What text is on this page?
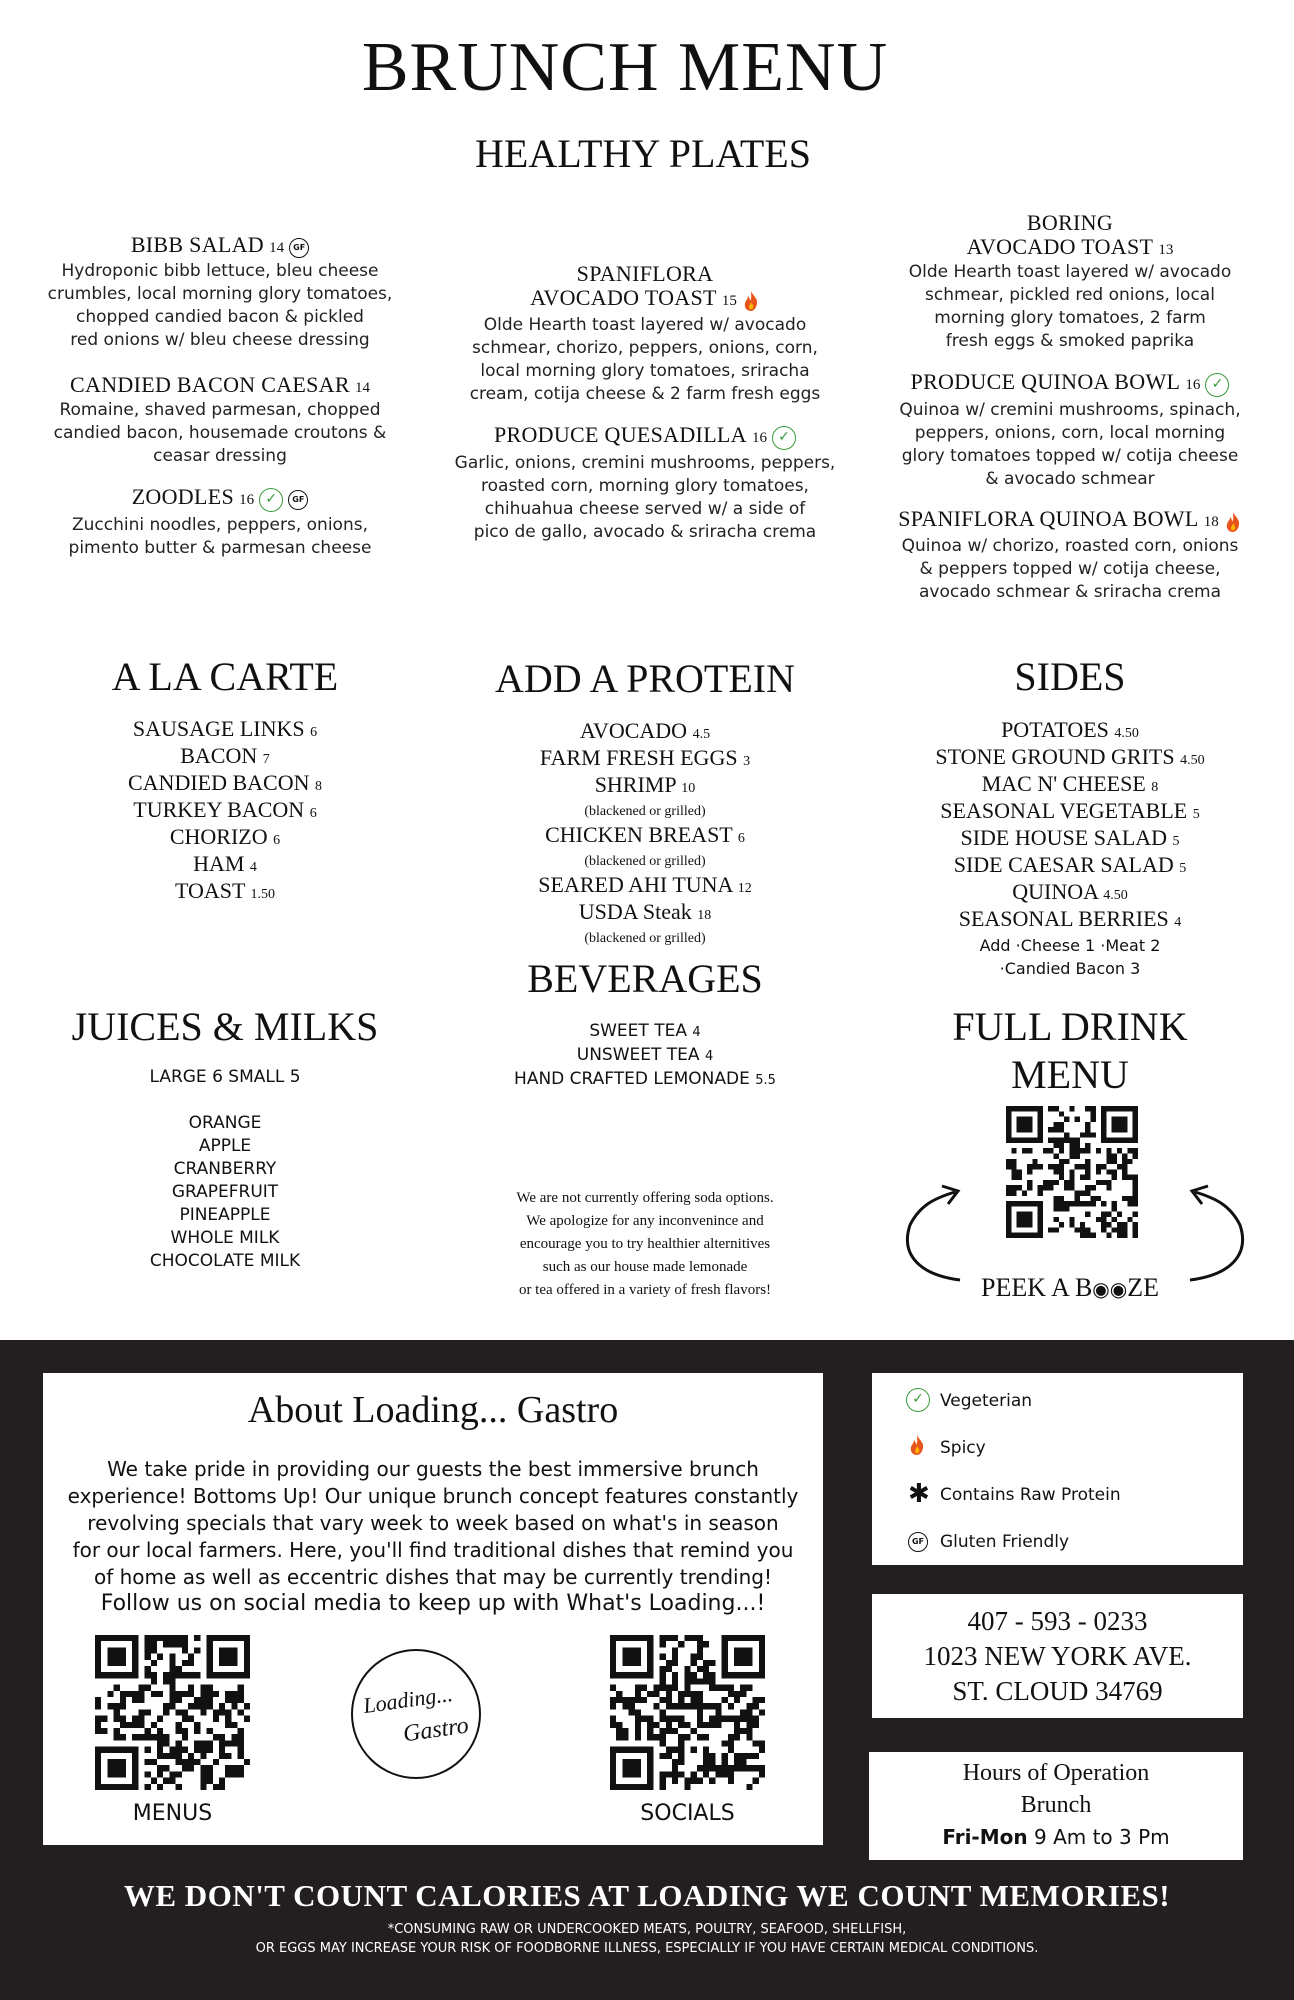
BRUNCH MENU
HEALTHY PLATES
BIBB SALAD 14 GF
Hydroponic bibb lettuce, bleu cheese
crumbles, local morning glory tomatoes,
chopped candied bacon & pickled
red onions w/ bleu cheese dressing
CANDIED BACON CAESAR 14
Romaine, shaved parmesan, chopped
candied bacon, housemade croutons &
ceasar dressing
ZOODLES 16 ✓ GF
Zucchini noodles, peppers, onions,
pimento butter & parmesan cheese
SPANIFLORA
AVOCADO TOAST 15
Olde Hearth toast layered w/ avocado
schmear, chorizo, peppers, onions, corn,
local morning glory tomatoes, sriracha
cream, cotija cheese & 2 farm fresh eggs
PRODUCE QUESADILLA 16 ✓
Garlic, onions, cremini mushrooms, peppers,
roasted corn, morning glory tomatoes,
chihuahua cheese served w/ a side of
pico de gallo, avocado & sriracha crema
BORING
AVOCADO TOAST 13
Olde Hearth toast layered w/ avocado
schmear, pickled red onions, local
morning glory tomatoes, 2 farm
fresh eggs & smoked paprika
PRODUCE QUINOA BOWL 16 ✓
Quinoa w/ cremini mushrooms, spinach,
peppers, onions, corn, local morning
glory tomatoes topped w/ cotija cheese
& avocado schmear
SPANIFLORA QUINOA BOWL 18
Quinoa w/ chorizo, roasted corn, onions
& peppers topped w/ cotija cheese,
avocado schmear & sriracha crema
A LA CARTE
SAUSAGE LINKS 6
BACON 7
CANDIED BACON 8
TURKEY BACON 6
CHORIZO 6
HAM 4
TOAST 1.50
ADD A PROTEIN
AVOCADO 4.5
FARM FRESH EGGS 3
SHRIMP 10
(blackened or grilled)
CHICKEN BREAST 6
(blackened or grilled)
SEARED AHI TUNA 12
USDA Steak 18
(blackened or grilled)
SIDES
POTATOES 4.50
STONE GROUND GRITS 4.50
MAC N' CHEESE 8
SEASONAL VEGETABLE 5
SIDE HOUSE SALAD 5
SIDE CAESAR SALAD 5
QUINOA 4.50
SEASONAL BERRIES 4
Add ·Cheese 1 ·Meat 2
·Candied Bacon 3
BEVERAGES
SWEET TEA 4
UNSWEET TEA 4
HAND CRAFTED LEMONADE 5.5
We are not currently offering soda options.
We apologize for any inconvenince and
encourage you to try healthier alternitives
such as our house made lemonade
or tea offered in a variety of fresh flavors!
JUICES & MILKS
LARGE 6 SMALL 5
ORANGE
APPLE
CRANBERRY
GRAPEFRUIT
PINEAPPLE
WHOLE MILK
CHOCOLATE MILK
FULL DRINK
MENU
PEEK A B◉◉ZE
About Loading... Gastro
We take pride in providing our guests the best immersive brunch
experience! Bottoms Up! Our unique brunch concept features constantly
revolving specials that vary week to week based on what's in season
for our local farmers. Here, you'll find traditional dishes that remind you
of home as well as eccentric dishes that may be currently trending!
Follow us on social media to keep up with What's Loading...!
MENUS
Loading...
Gastro
SOCIALS
✓ Vegeterian
Spicy
✱ Contains Raw Protein
GF Gluten Friendly
407 - 593 - 0233
1023 NEW YORK AVE.
ST. CLOUD 34769
Hours of Operation
Brunch
Fri-Mon 9 Am to 3 Pm
WE DON'T COUNT CALORIES AT LOADING WE COUNT MEMORIES!
*CONSUMING RAW OR UNDERCOOKED MEATS, POULTRY, SEAFOOD, SHELLFISH,
OR EGGS MAY INCREASE YOUR RISK OF FOODBORNE ILLNESS, ESPECIALLY IF YOU HAVE CERTAIN MEDICAL CONDITIONS.
